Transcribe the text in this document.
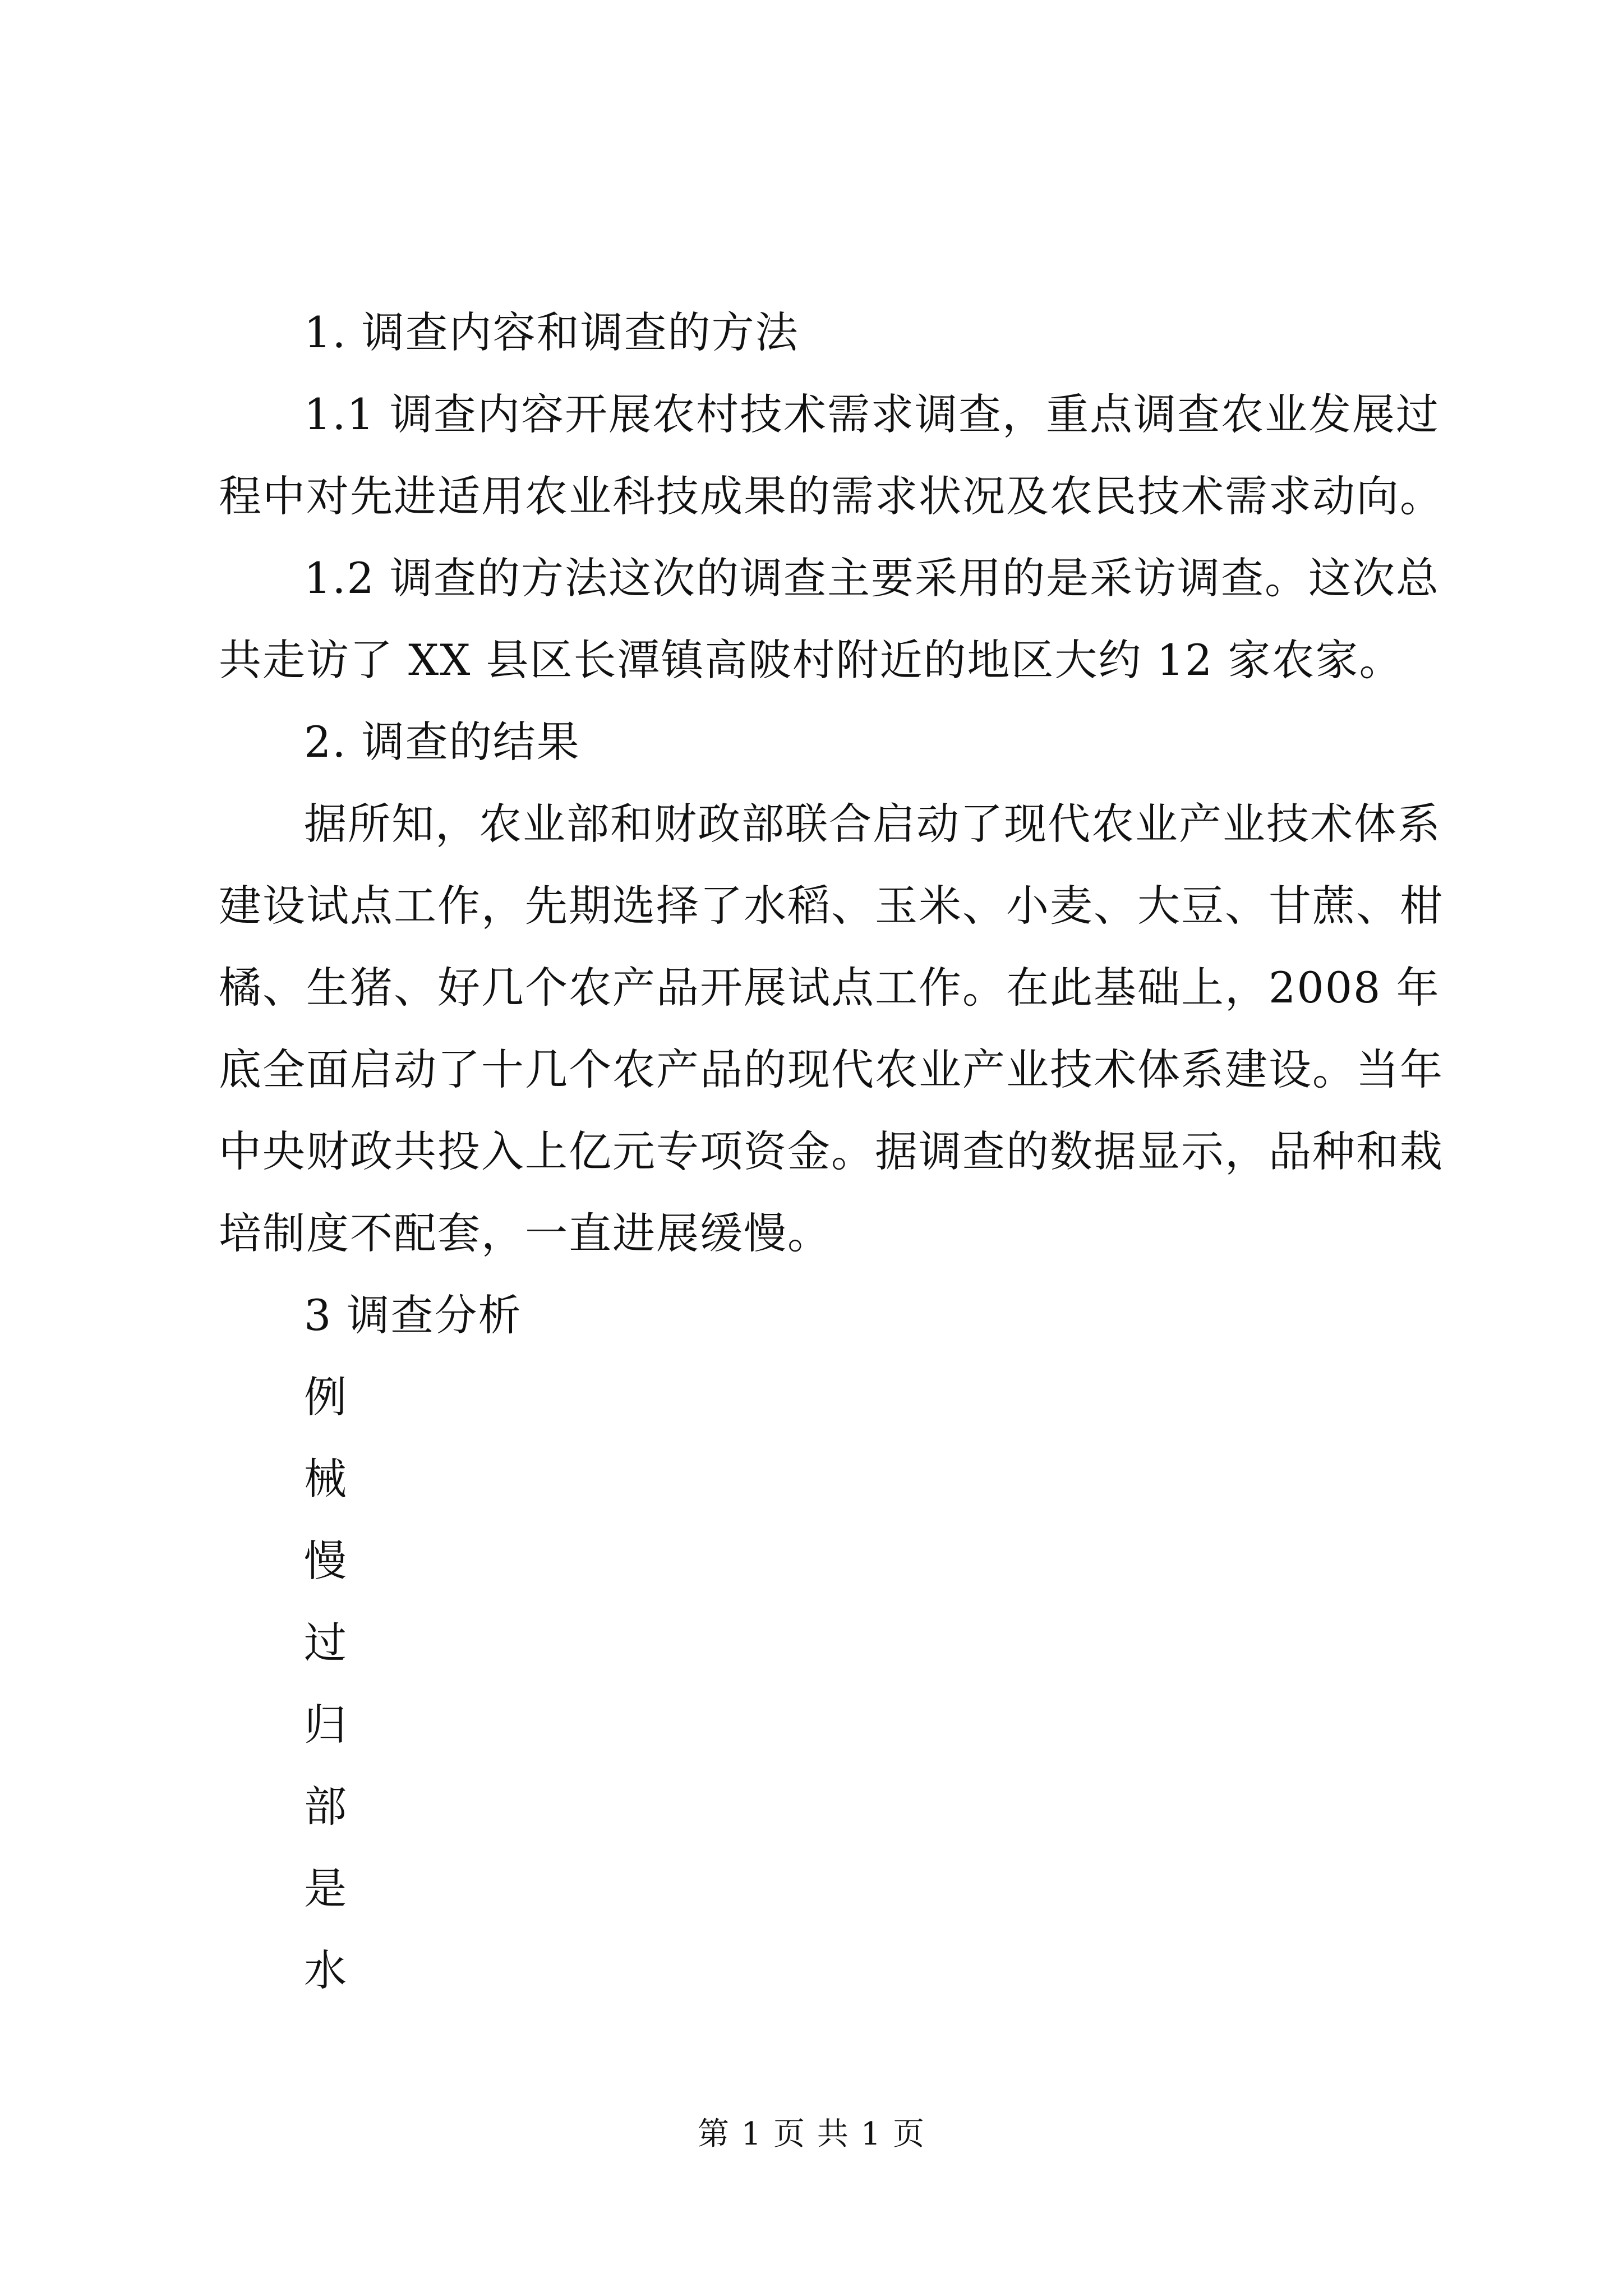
1. 调查内容和调查的方法
1.1 调查内容开展农村技术需求调查，重点调查农业发展过
程中对先进适用农业科技成果的需求状况及农民技术需求动向。
1.2 调查的方法这次的调查主要采用的是采访调查。这次总
共走访了 XX 县区长潭镇高陂村附近的地区大约 12 家农家。
2. 调查的结果
据所知，农业部和财政部联合启动了现代农业产业技术体系
建设试点工作，先期选择了水稻、玉米、小麦、大豆、甘蔗、柑
橘、生猪、好几个农产品开展试点工作。在此基础上，2008 年
底全面启动了十几个农产品的现代农业产业技术体系建设。当年
中央财政共投入上亿元专项资金。据调查的数据显示，品种和栽
培制度不配套，一直进展缓慢。
3 调查分析
例
械
慢
过
归
部
是
水
第 1 页 共 1 页
